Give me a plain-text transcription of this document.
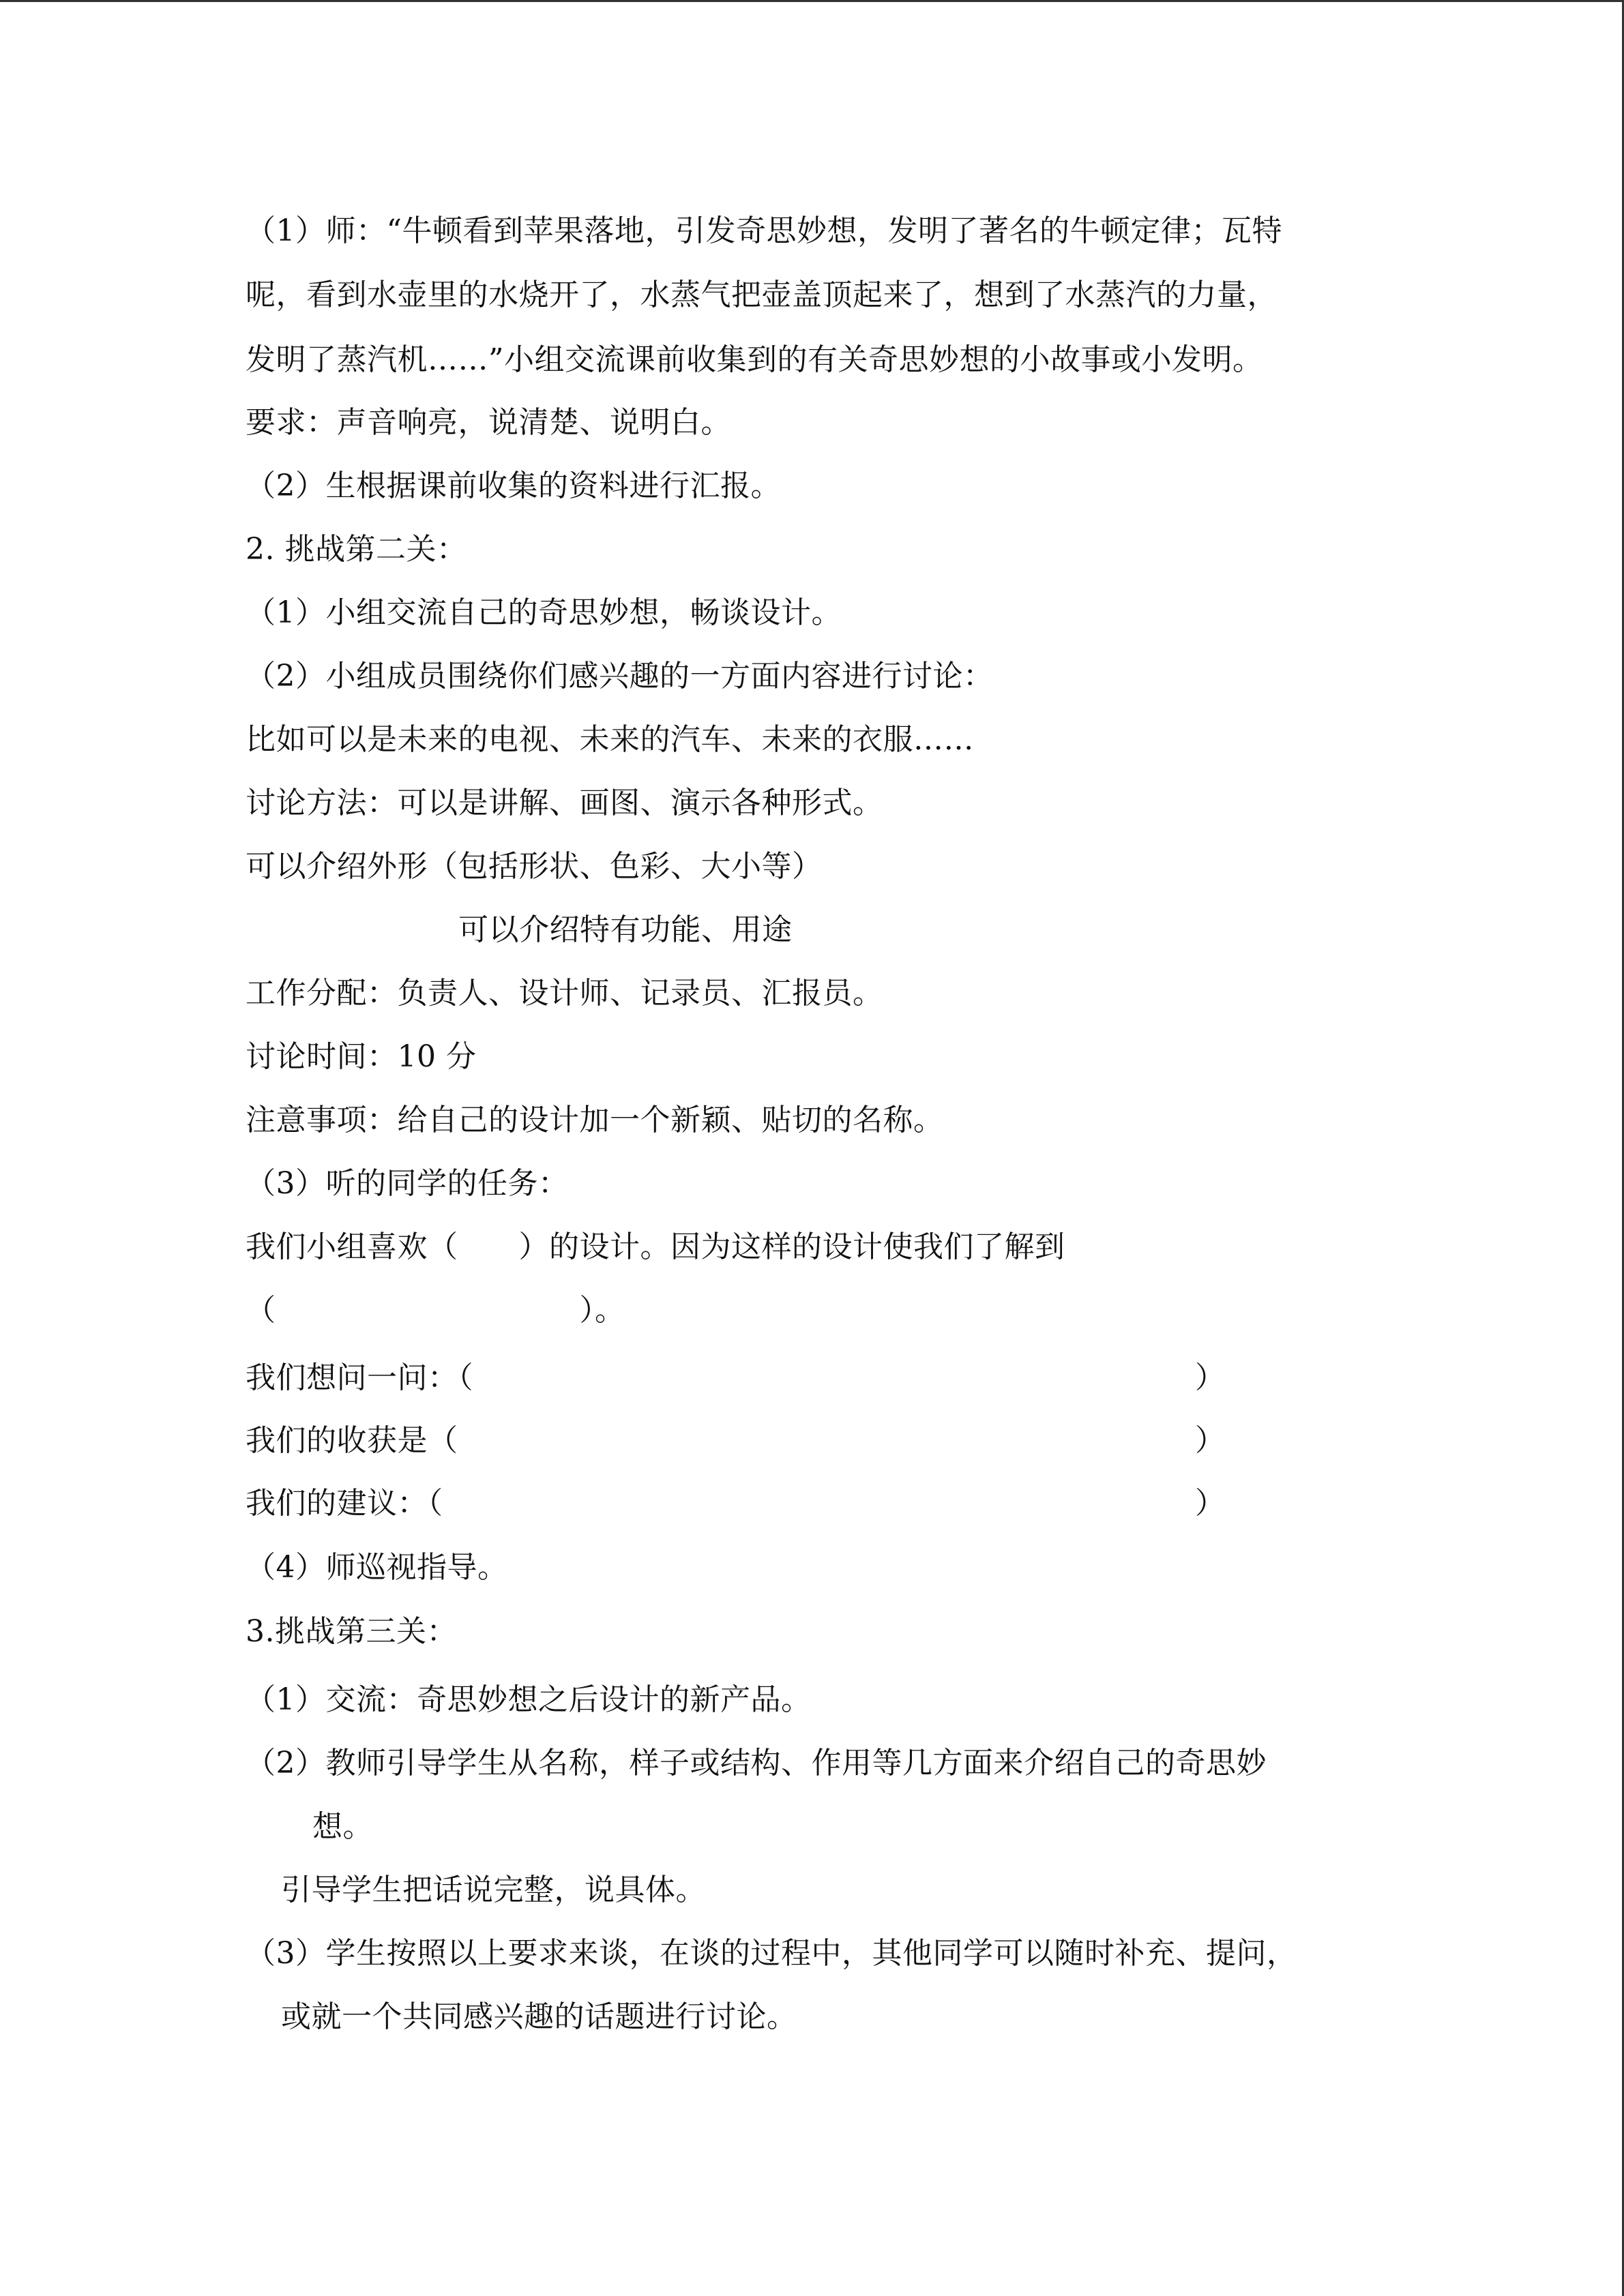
（1）师：“牛顿看到苹果落地，引发奇思妙想，发明了著名的牛顿定律；瓦特
呢，看到水壶里的水烧开了，水蒸气把壶盖顶起来了，想到了水蒸汽的力量，
发明了蒸汽机……”小组交流课前收集到的有关奇思妙想的小故事或小发明。
要求：声音响亮，说清楚、说明白。
（2）生根据课前收集的资料进行汇报。
2. 挑战第二关：
（1）小组交流自己的奇思妙想，畅谈设计。
（2）小组成员围绕你们感兴趣的一方面内容进行讨论：
比如可以是未来的电视、未来的汽车、未来的衣服……
讨论方法：可以是讲解、画图、演示各种形式。
可以介绍外形（包括形状、色彩、大小等）
可以介绍特有功能、用途
工作分配：负责人、设计师、记录员、汇报员。
讨论时间：10 分
注意事项：给自己的设计加一个新颖、贴切的名称。
（3）听的同学的任务：
我们小组喜欢（　　）的设计。因为这样的设计使我们了解到
（　　　　　　　　　　）。
我们想问一问：（	）
我们的收获是（	）
我们的建议：（	）
（4）师巡视指导。
3.挑战第三关：
（1）交流：奇思妙想之后设计的新产品。
（2）教师引导学生从名称，样子或结构、作用等几方面来介绍自己的奇思妙
想。
引导学生把话说完整，说具体。
（3）学生按照以上要求来谈，在谈的过程中，其他同学可以随时补充、提问，
或就一个共同感兴趣的话题进行讨论。
